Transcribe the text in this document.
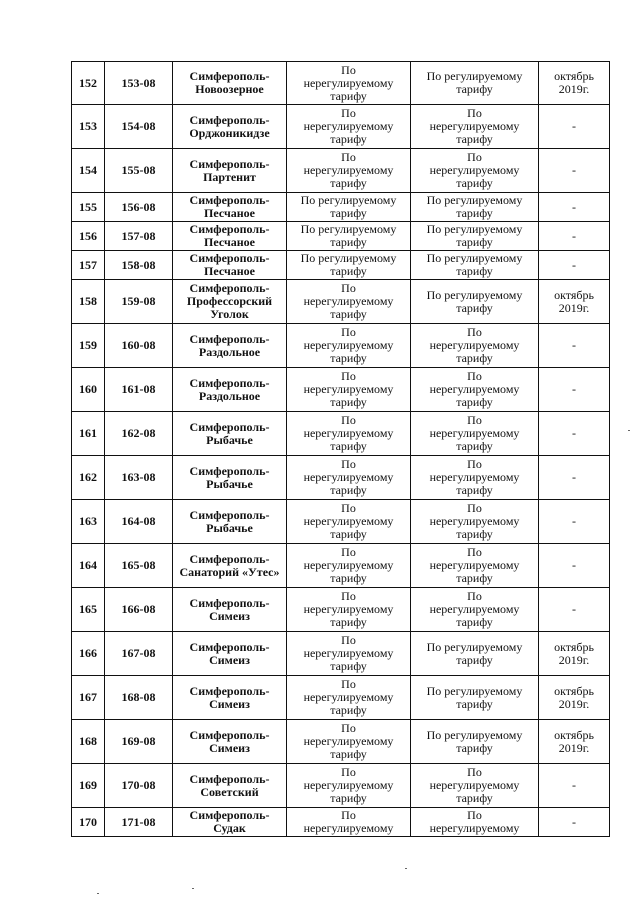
152	153-08	Симферополь-
Новоозерное	По
нерегулируемому
тарифу	По регулируемому
тарифу	октябрь
2019г.

153	154-08	Симферополь-
Орджоникидзе	По
нерегулируемому
тарифу	По
нерегулируемому
тарифу	-

154	155-08	Симферополь-
Партенит	По
нерегулируемому
тарифу	По
нерегулируемому
тарифу	-

155	156-08	Симферополь-
Песчаное	По регулируемому
тарифу	По регулируемому
тарифу	-

156	157-08	Симферополь-
Песчаное	По регулируемому
тарифу	По регулируемому
тарифу	-

157	158-08	Симферополь-
Песчаное	По регулируемому
тарифу	По регулируемому
тарифу	-

158	159-08	Симферополь-
Профессорский
Уголок	По
нерегулируемому
тарифу	По регулируемому
тарифу	октябрь
2019г.

159	160-08	Симферополь-
Раздольное	По
нерегулируемому
тарифу	По
нерегулируемому
тарифу	-

160	161-08	Симферополь-
Раздольное	По
нерегулируемому
тарифу	По
нерегулируемому
тарифу	-

161	162-08	Симферополь-
Рыбачье	По
нерегулируемому
тарифу	По
нерегулируемому
тарифу	-

162	163-08	Симферополь-
Рыбачье	По
нерегулируемому
тарифу	По
нерегулируемому
тарифу	-

163	164-08	Симферополь-
Рыбачье	По
нерегулируемому
тарифу	По
нерегулируемому
тарифу	-

164	165-08	Симферополь-
Санаторий «Утес»	По
нерегулируемому
тарифу	По
нерегулируемому
тарифу	-

165	166-08	Симферополь-
Симеиз	По
нерегулируемому
тарифу	По
нерегулируемому
тарифу	-

166	167-08	Симферополь-
Симеиз	По
нерегулируемому
тарифу	По регулируемому
тарифу	октябрь
2019г.

167	168-08	Симферополь-
Симеиз	По
нерегулируемому
тарифу	По регулируемому
тарифу	октябрь
2019г.

168	169-08	Симферополь-
Симеиз	По
нерегулируемому
тарифу	По регулируемому
тарифу	октябрь
2019г.

169	170-08	Симферополь-
Советский	По
нерегулируемому
тарифу	По
нерегулируемому
тарифу	-

170	171-08	Симферополь-Судак	По
нерегулируемому	По
нерегулируемому	-
